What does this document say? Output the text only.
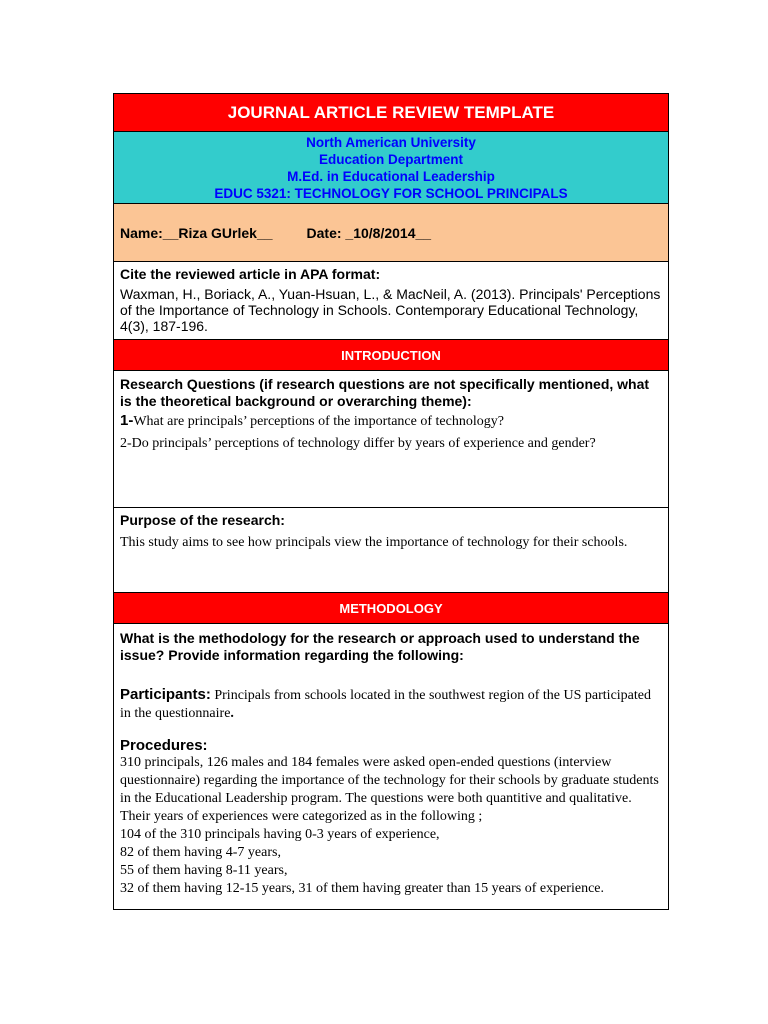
JOURNAL ARTICLE REVIEW TEMPLATE
North American University
Education Department
M.Ed. in Educational Leadership
EDUC 5321: TECHNOLOGY FOR SCHOOL PRINCIPALS
Name:__Riza GUrlek__ Date: _10/8/2014__
Cite the reviewed article in APA format:
Waxman, H., Boriack, A., Yuan-Hsuan, L., & MacNeil, A. (2013). Principals' Perceptions of the Importance of Technology in Schools. Contemporary Educational Technology, 4(3), 187-196.
INTRODUCTION
Research Questions (if research questions are not specifically mentioned, what is the theoretical background or overarching theme):
1-What are principals’ perceptions of the importance of technology?
2-Do principals’ perceptions of technology differ by years of experience and gender?
Purpose of the research:
This study aims to see how principals view the importance of technology for their schools.
METHODOLOGY
What is the methodology for the research or approach used to understand the issue? Provide information regarding the following:
Participants: Principals from schools located in the southwest region of the US participated in the questionnaire.
Procedures:
310 principals, 126 males and 184 females were asked open-ended questions (interview questionnaire) regarding the importance of the technology for their schools by graduate students in the Educational Leadership program. The questions were both quantitive and qualitative. Their years of experiences were categorized as in the following ;
104 of the 310 principals having 0-3 years of experience,
82 of them having 4-7 years,
55 of them having 8-11 years,
32 of them having 12-15 years, 31 of them having greater than 15 years of experience.
